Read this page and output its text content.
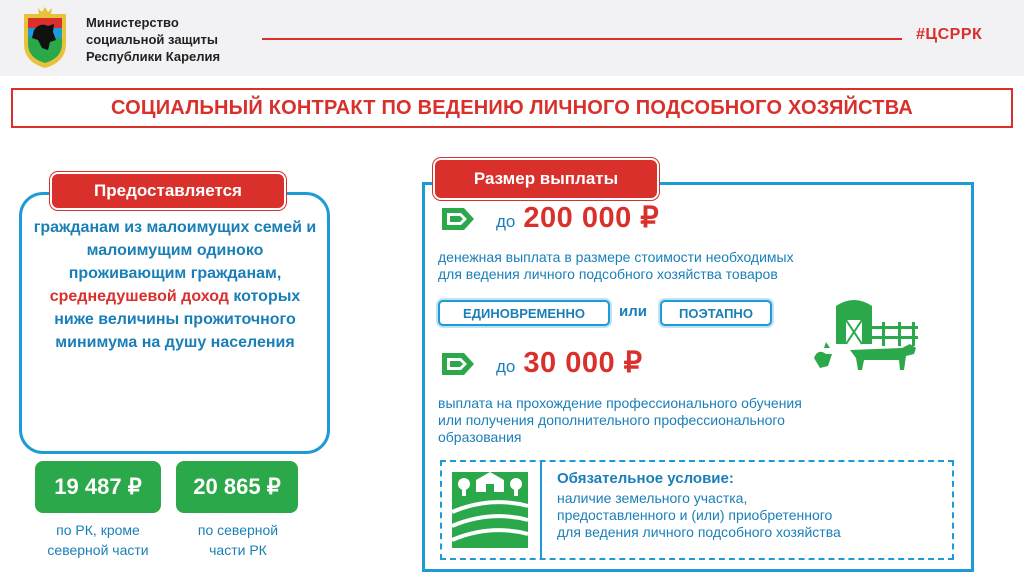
Министерство
социальной защиты
Республики Карелия
#ЦСРРК
СОЦИАЛЬНЫЙ КОНТРАКТ ПО ВЕДЕНИЮ ЛИЧНОГО ПОДСОБНОГО ХОЗЯЙСТВА
Предоставляется
гражданам из малоимущих семей и малоимущим одиноко проживающим гражданам, среднедушевой доход которых ниже величины прожиточного минимума на душу населения
19 487 ₽	20 865 ₽
по РК, кроме
северной части
по северной
части РК
Размер выплаты
до 200 000 ₽
денежная выплата в размере стоимости необходимых
для ведения личного подсобного хозяйства товаров
ЕДИНОВРЕМЕННО	или	ПОЭТАПНО
до 30 000 ₽
выплата на прохождение профессионального обучения
или получения дополнительного профессионального
образования
Обязательное условие:
наличие земельного участка,
предоставленного и (или) приобретенного
для ведения личного подсобного хозяйства
